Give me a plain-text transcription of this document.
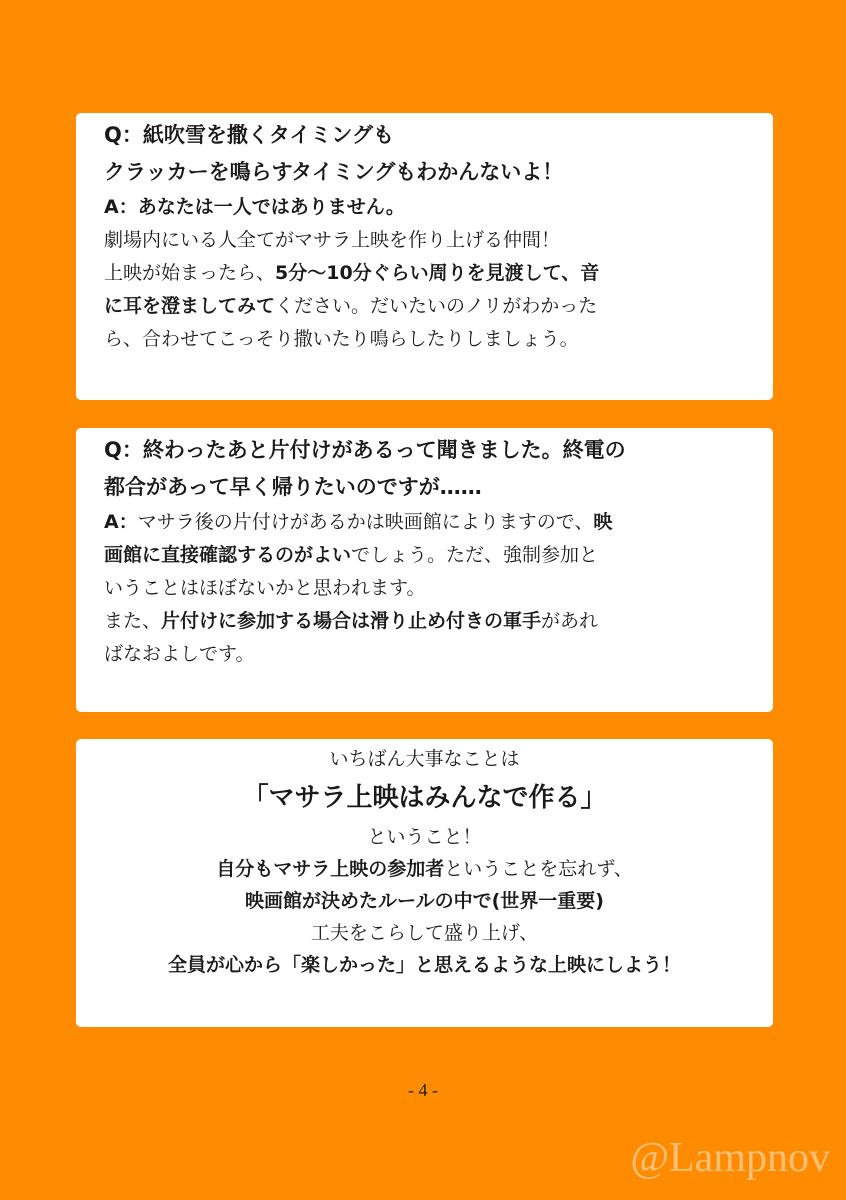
Q：紙吹雪を撒くタイミングも
クラッカーを鳴らすタイミングもわかんないよ！
A：あなたは一人ではありません。
劇場内にいる人全てがマサラ上映を作り上げる仲間！
上映が始まったら、5分～10分ぐらい周りを見渡して、音
に耳を澄ましてみてください。だいたいのノリがわかった
ら、合わせてこっそり撒いたり鳴らしたりしましょう。
Q：終わったあと片付けがあるって聞きました。終電の
都合があって早く帰りたいのですが……
A：マサラ後の片付けがあるかは映画館によりますので、映
画館に直接確認するのがよいでしょう。ただ、強制参加と
いうことはほぼないかと思われます。
また、片付けに参加する場合は滑り止め付きの軍手があれ
ばなおよしです。
いちばん大事なことは
「マサラ上映はみんなで作る」
ということ！
自分もマサラ上映の参加者ということを忘れず、
映画館が決めたルールの中で(世界一重要)
工夫をこらして盛り上げ、
全員が心から「楽しかった」と思えるような上映にしよう！
- 4 -
@Lampnov
